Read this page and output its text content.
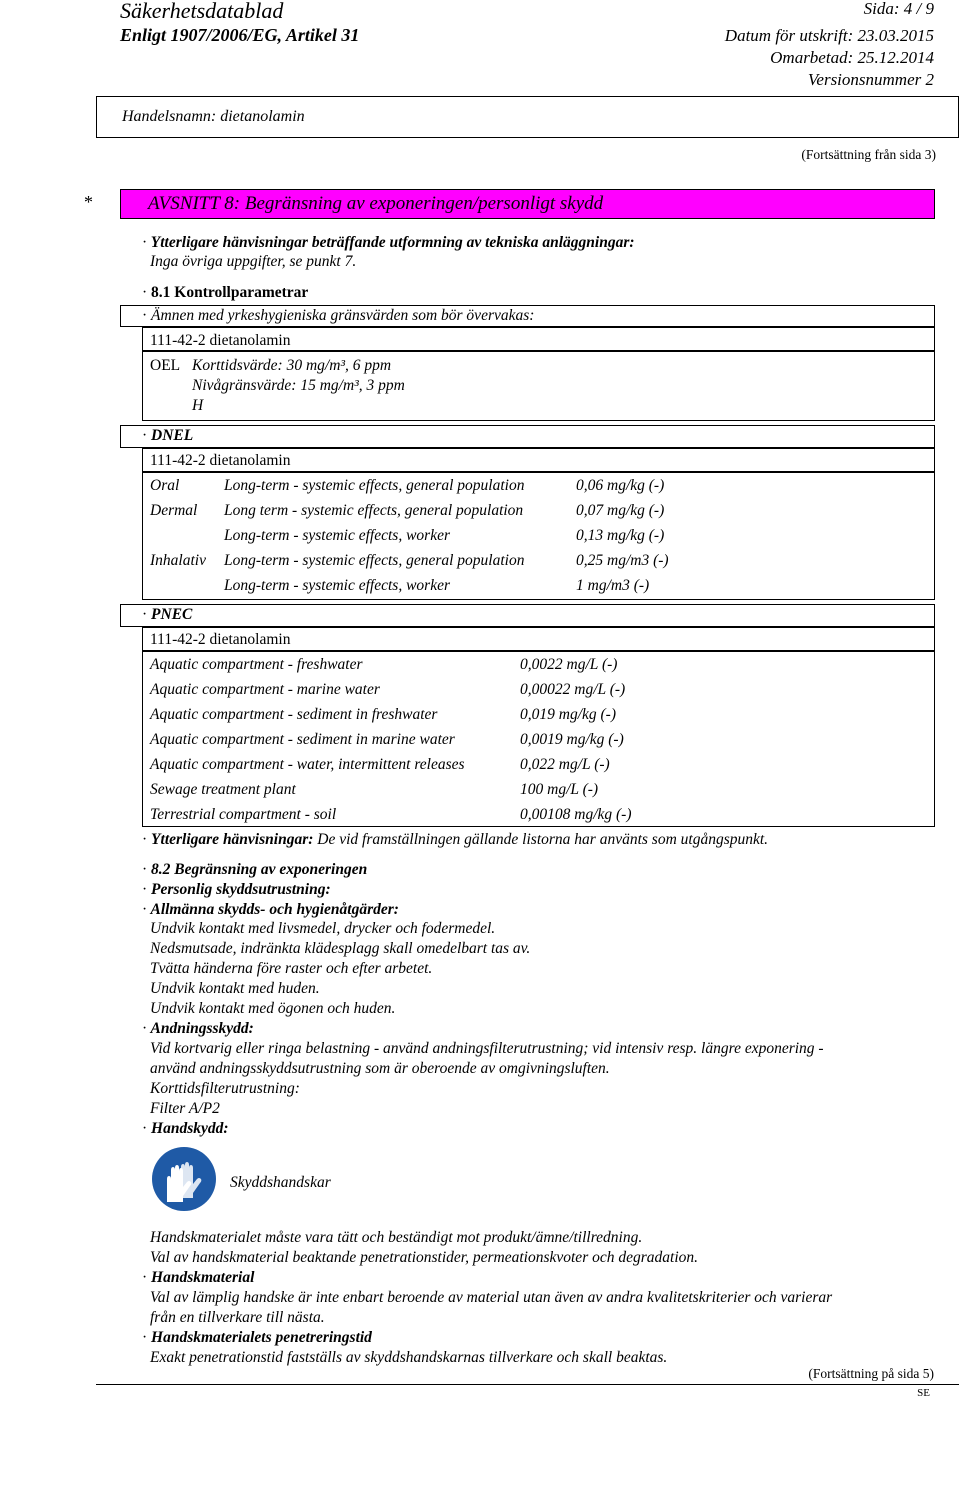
Säkerhetsdatablad
Enligt 1907/2006/EG, Artikel 31
Sida: 4 / 9
Datum för utskrift: 23.03.2015
Omarbetad: 25.12.2014
Versionsnummer 2
Handelsnamn: dietanolamin
(Fortsättning från sida 3)
*	AVSNITT 8: Begränsning av exponeringen/personligt skydd
· Ytterligare hänvisningar beträffande utformning av tekniska anläggningar:
Inga övriga uppgifter, se punkt 7.
· 8.1 Kontrollparametrar
· Ämnen med yrkeshygieniska gränsvärden som bör övervakas:
111-42-2 dietanolamin
OEL Korttidsvärde: 30 mg/m³, 6 ppm
Nivågränsvärde: 15 mg/m³, 3 ppm
H
· DNEL
111-42-2 dietanolamin
Oral	Long-term - systemic effects, general population	0,06 mg/kg (-)
Dermal Long term - systemic effects, general population	0,07 mg/kg (-)
Long-term - systemic effects, worker	0,13 mg/kg (-)
Inhalativ Long-term - systemic effects, general population	0,25 mg/m3 (-)
Long-term - systemic effects, worker	1 mg/m3 (-)
· PNEC
111-42-2 dietanolamin
Aquatic compartment - freshwater	0,0022 mg/L (-)
Aquatic compartment - marine water	0,00022 mg/L (-)
Aquatic compartment - sediment in freshwater	0,019 mg/kg (-)
Aquatic compartment - sediment in marine water	0,0019 mg/kg (-)
Aquatic compartment - water, intermittent releases	0,022 mg/L (-)
Sewage treatment plant	100 mg/L (-)
Terrestrial compartment - soil	0,00108 mg/kg (-)
· Ytterligare hänvisningar: De vid framställningen gällande listorna har använts som utgångspunkt.
· 8.2 Begränsning av exponeringen
· Personlig skyddsutrustning:
· Allmänna skydds- och hygienåtgärder:
Undvik kontakt med livsmedel, drycker och fodermedel.
Nedsmutsade, indränkta klädesplagg skall omedelbart tas av.
Tvätta händerna före raster och efter arbetet.
Undvik kontakt med huden.
Undvik kontakt med ögonen och huden.
· Andningsskydd:
Vid kortvarig eller ringa belastning - använd andningsfilterutrustning; vid intensiv resp. längre exponering -
använd andningsskyddsutrustning som är oberoende av omgivningsluften.
Korttidsfilterutrustning:
Filter A/P2
· Handskydd:
Skyddshandskar
Handskmaterialet måste vara tätt och beständigt mot produkt/ämne/tillredning.
Val av handskmaterial beaktande penetrationstider, permeationskvoter och degradation.
· Handskmaterial
Val av lämplig handske är inte enbart beroende av material utan även av andra kvalitetskriterier och varierar
från en tillverkare till nästa.
· Handskmaterialets penetreringstid
Exakt penetrationstid fastställs av skyddshandskarnas tillverkare och skall beaktas.
(Fortsättning på sida 5)
SE
